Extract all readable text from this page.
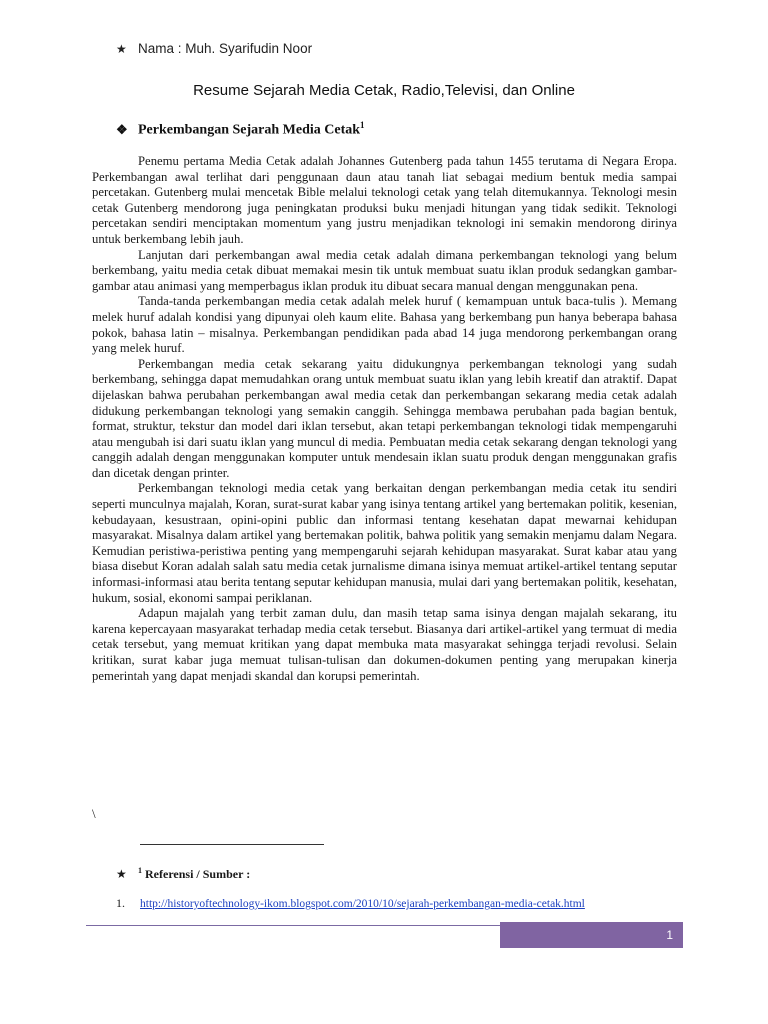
★ Nama : Muh. Syarifudin Noor
Resume Sejarah Media Cetak, Radio,Televisi, dan Online
❖ Perkembangan Sejarah Media Cetak$^1$

Penemu pertama Media Cetak adalah Johannes Gutenberg pada tahun 1455 terutama di Negara Eropa. Perkembangan awal terlihat dari penggunaan daun atau tanah liat sebagai medium bentuk media sampai percetakan. Gutenberg mulai mencetak Bible melalui teknologi cetak yang telah ditemukannya. Teknologi mesin cetak Gutenberg mendorong juga peningkatan produksi buku menjadi hitungan yang tidak sedikit. Teknologi percetakan sendiri menciptakan momentum yang justru menjadikan teknologi ini semakin mendorong dirinya untuk berkembang lebih jauh.

Lanjutan dari perkembangan awal media cetak adalah dimana perkembangan teknologi yang belum berkembang, yaitu media cetak dibuat memakai mesin tik untuk membuat suatu iklan produk sedangkan gambar-gambar atau animasi yang memperbagus iklan produk itu dibuat secara manual dengan menggunakan pena.

Tanda-tanda perkembangan media cetak adalah melek huruf ( kemampuan untuk baca-tulis ). Memang melek huruf adalah kondisi yang dipunyai oleh kaum elite. Bahasa yang berkembang pun hanya beberapa bahasa pokok, bahasa latin – misalnya. Perkembangan pendidikan pada abad 14 juga mendorong perkembangan orang yang melek huruf.

Perkembangan media cetak sekarang yaitu didukungnya perkembangan teknologi yang sudah berkembang, sehingga dapat memudahkan orang untuk membuat suatu iklan yang lebih kreatif dan atraktif. Dapat dijelaskan bahwa perubahan perkembangan awal media cetak dan perkembangan sekarang media cetak adalah didukung perkembangan teknologi yang semakin canggih. Sehingga membawa perubahan pada bagian bentuk, format, struktur, tekstur dan model dari iklan tersebut, akan tetapi perkembangan teknologi tidak mempengaruhi atau mengubah isi dari suatu iklan yang muncul di media. Pembuatan media cetak sekarang dengan teknologi yang canggih adalah dengan menggunakan komputer untuk mendesain iklan suatu produk dengan menggunakan grafis dan dicetak dengan printer.

Perkembangan teknologi media cetak yang berkaitan dengan perkembangan media cetak itu sendiri seperti munculnya majalah, Koran, surat-surat kabar yang isinya tentang artikel yang bertemakan politik, kesenian, kebudayaan, kesustraan, opini-opini public dan informasi tentang kesehatan dapat mewarnai kehidupan masyarakat. Misalnya dalam artikel yang bertemakan politik, bahwa politik yang semakin menjamu dalam Negara. Kemudian peristiwa-peristiwa penting yang mempengaruhi sejarah kehidupan masyarakat. Surat kabar atau yang biasa disebut Koran adalah salah satu media cetak jurnalisme dimana isinya memuat artikel-artikel tentang seputar informasi-informasi atau berita tentang seputar kehidupan manusia, mulai dari yang bertemakan politik, kesehatan, hukum, sosial, ekonomi sampai periklanan.

Adapun majalah yang terbit zaman dulu, dan masih tetap sama isinya dengan majalah sekarang, itu karena kepercayaan masyarakat terhadap media cetak tersebut. Biasanya dari artikel-artikel yang termuat di media cetak tersebut, yang memuat kritikan yang dapat membuka mata masyarakat sehingga terjadi revolusi. Selain kritikan, surat kabar juga memuat tulisan-tulisan dan dokumen-dokumen penting yang merupakan kinerja pemerintah yang dapat menjadi skandal dan korupsi pemerintah.

\
★ $^1$ Referensi / Sumber :
1. http://historyoftechnology-ikom.blogspot.com/2010/10/sejarah-perkembangan-media-cetak.html
1
